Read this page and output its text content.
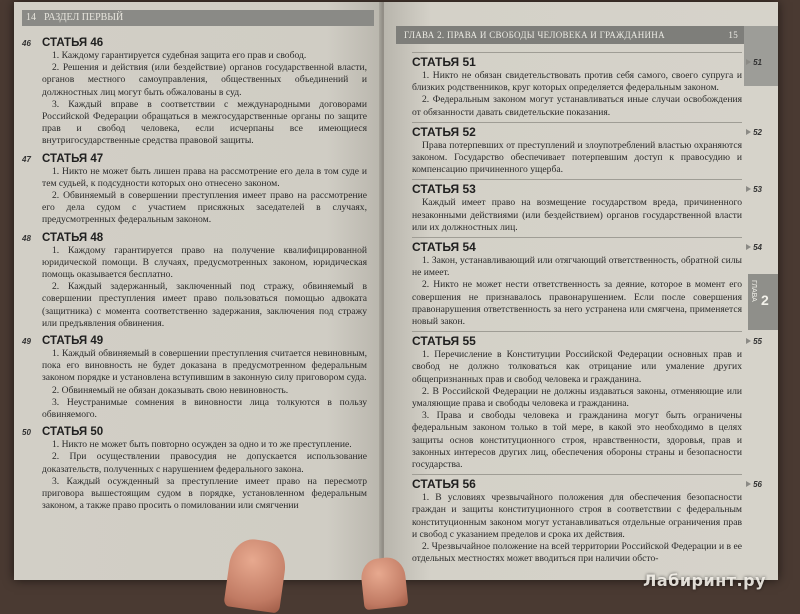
14 РАЗДЕЛ ПЕРВЫЙ
СТАТЬЯ 46
46

1. Каждому гарантируется судебная защита его прав и свобод.

2. Решения и действия (или бездействие) органов государственной власти, органов местного самоуправления, общественных объединений и должностных лиц могут быть обжалованы в суд.

3. Каждый вправе в соответствии с международными договорами Российской Федерации обращаться в межгосударственные органы по защите прав и свобод человека, если исчерпаны все имеющиеся внутригосударственные средства правовой защиты.

СТАТЬЯ 47
47

1. Никто не может быть лишен права на рассмотрение его дела в том суде и тем судьей, к подсудности которых оно отнесено законом.

2. Обвиняемый в совершении преступления имеет право на рассмотрение его дела судом с участием присяжных заседателей в случаях, предусмотренных федеральным законом.

СТАТЬЯ 48
48

1. Каждому гарантируется право на получение квалифицированной юридической помощи. В случаях, предусмотренных законом, юридическая помощь оказывается бесплатно.

2. Каждый задержанный, заключенный под стражу, обвиняемый в совершении преступления имеет право пользоваться помощью адвоката (защитника) с момента соответственно задержания, заключения под стражу или предъявления обвинения.

СТАТЬЯ 49
49

1. Каждый обвиняемый в совершении преступления считается невиновным, пока его виновность не будет доказана в предусмотренном федеральным законом порядке и установлена вступившим в законную силу приговором суда.

2. Обвиняемый не обязан доказывать свою невиновность.

3. Неустранимые сомнения в виновности лица толкуются в пользу обвиняемого.

СТАТЬЯ 50
50

1. Никто не может быть повторно осужден за одно и то же преступление.

2. При осуществлении правосудия не допускается использование доказательств, полученных с нарушением федерального закона.

3. Каждый осужденный за преступление имеет право на пересмотр приговора вышестоящим судом в порядке, установленном федеральным законом, а также право просить о помиловании или смягчении

ГЛАВА 2. ПРАВА И СВОБОДЫ ЧЕЛОВЕКА И ГРАЖДАНИНА	15
СТАТЬЯ 51	51

1. Никто не обязан свидетельствовать против себя самого, своего супруга и близких родственников, круг которых определяется федеральным законом.

2. Федеральным законом могут устанавливаться иные случаи освобождения от обязанности давать свидетельские показания.

СТАТЬЯ 52	52

Права потерпевших от преступлений и злоупотреблений властью охраняются законом. Государство обеспечивает потерпевшим доступ к правосудию и компенсацию причиненного ущерба.

СТАТЬЯ 53	53

Каждый имеет право на возмещение государством вреда, причиненного незаконными действиями (или бездействием) органов государственной власти или их должностных лиц.

СТАТЬЯ 54	54

1. Закон, устанавливающий или отягчающий ответственность, обратной силы не имеет.

2. Никто не может нести ответственность за деяние, которое в момент его совершения не признавалось правонарушением. Если после совершения правонарушения ответственность за него устранена или смягчена, применяется новый закон.

СТАТЬЯ 55	55

1. Перечисление в Конституции Российской Федерации основных прав и свобод не должно толковаться как отрицание или умаление других общепризнанных прав и свобод человека и гражданина.

2. В Российской Федерации не должны издаваться законы, отменяющие или умаляющие права и свободы человека и гражданина.

3. Права и свободы человека и гражданина могут быть ограничены федеральным законом только в той мере, в какой это необходимо в целях защиты основ конституционного строя, нравственности, здоровья, прав и законных интересов других лиц, обеспечения обороны страны и безопасности государства.

СТАТЬЯ 56	56

1. В условиях чрезвычайного положения для обеспечения безопасности граждан и защиты конституционного строя в соответствии с федеральным конституционным законом могут устанавливаться отдельные ограничения прав и свобод с указанием пределов и срока их действия.

2. Чрезвычайное положение на всей территории Российской Федерации и в ее отдельных местностях может вводиться при наличии обсто-

ГЛАВА 2
Лабиринт.ру
